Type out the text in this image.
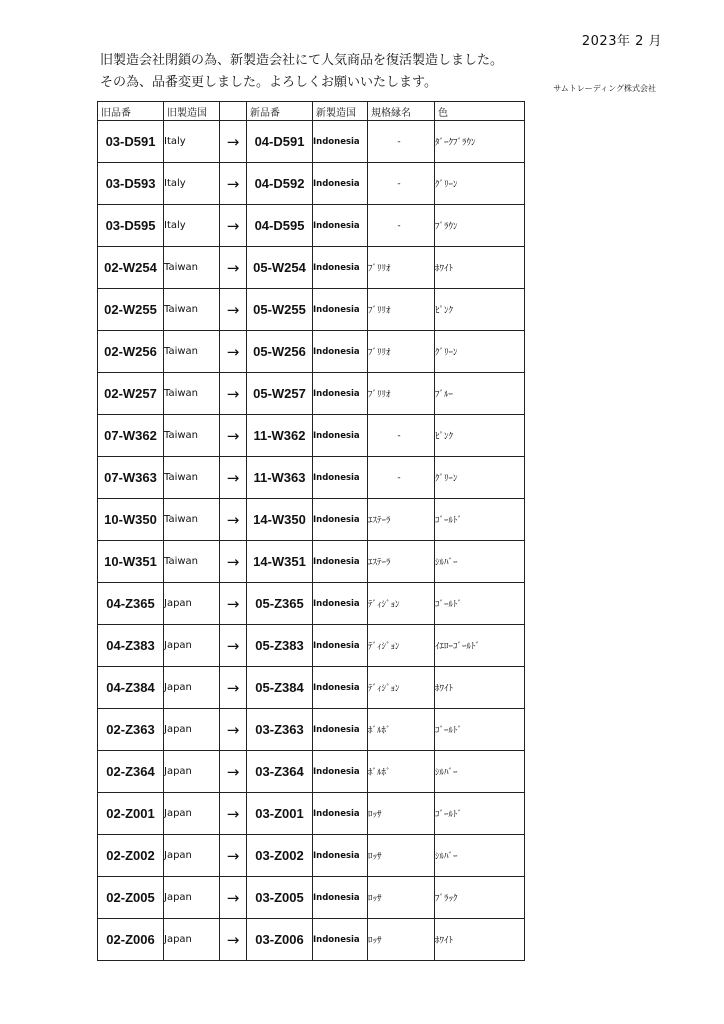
2023年 2 月
旧製造会社閉鎖の為、新製造会社にて人気商品を復活製造しました。
その為、品番変更しました。よろしくお願いいたします。	サムトレーディング株式会社
旧品番	旧製造国		新品番	新製造国	規格縁名	色
03-D591	Italy	→	04-D591	Indonesia	-	ﾀﾞｰｸﾌﾞﾗｳﾝ
03-D593	Italy	→	04-D592	Indonesia	-	ｸﾞﾘｰﾝ
03-D595	Italy	→	04-D595	Indonesia	-	ﾌﾞﾗｳﾝ
02-W254	Taiwan	→	05-W254	Indonesia	ﾌﾞﾘﾘｵ	ﾎﾜｲﾄ
02-W255	Taiwan	→	05-W255	Indonesia	ﾌﾞﾘﾘｵ	ﾋﾟﾝｸ
02-W256	Taiwan	→	05-W256	Indonesia	ﾌﾞﾘﾘｵ	ｸﾞﾘｰﾝ
02-W257	Taiwan	→	05-W257	Indonesia	ﾌﾞﾘﾘｵ	ﾌﾞﾙｰ
07-W362	Taiwan	→	11-W362	Indonesia	-	ﾋﾟﾝｸ
07-W363	Taiwan	→	11-W363	Indonesia	-	ｸﾞﾘｰﾝ
10-W350	Taiwan	→	14-W350	Indonesia	ｴｽﾃｰﾗ	ｺﾞｰﾙﾄﾞ
10-W351	Taiwan	→	14-W351	Indonesia	ｴｽﾃｰﾗ	ｼﾙﾊﾞｰ
04-Z365	Japan	→	05-Z365	Indonesia	ﾃﾞｨｼﾞｮﾝ	ｺﾞｰﾙﾄﾞ
04-Z383	Japan	→	05-Z383	Indonesia	ﾃﾞｨｼﾞｮﾝ	ｲｴﾛｰｺﾞｰﾙﾄﾞ
04-Z384	Japan	→	05-Z384	Indonesia	ﾃﾞｨｼﾞｮﾝ	ﾎﾜｲﾄ
02-Z363	Japan	→	03-Z363	Indonesia	ﾎﾞﾙﾎﾞ	ｺﾞｰﾙﾄﾞ
02-Z364	Japan	→	03-Z364	Indonesia	ﾎﾞﾙﾎﾞ	ｼﾙﾊﾞｰ
02-Z001	Japan	→	03-Z001	Indonesia	ﾛｯｻ	ｺﾞｰﾙﾄﾞ
02-Z002	Japan	→	03-Z002	Indonesia	ﾛｯｻ	ｼﾙﾊﾞｰ
02-Z005	Japan	→	03-Z005	Indonesia	ﾛｯｻ	ﾌﾞﾗｯｸ
02-Z006	Japan	→	03-Z006	Indonesia	ﾛｯｻ	ﾎﾜｲﾄ
